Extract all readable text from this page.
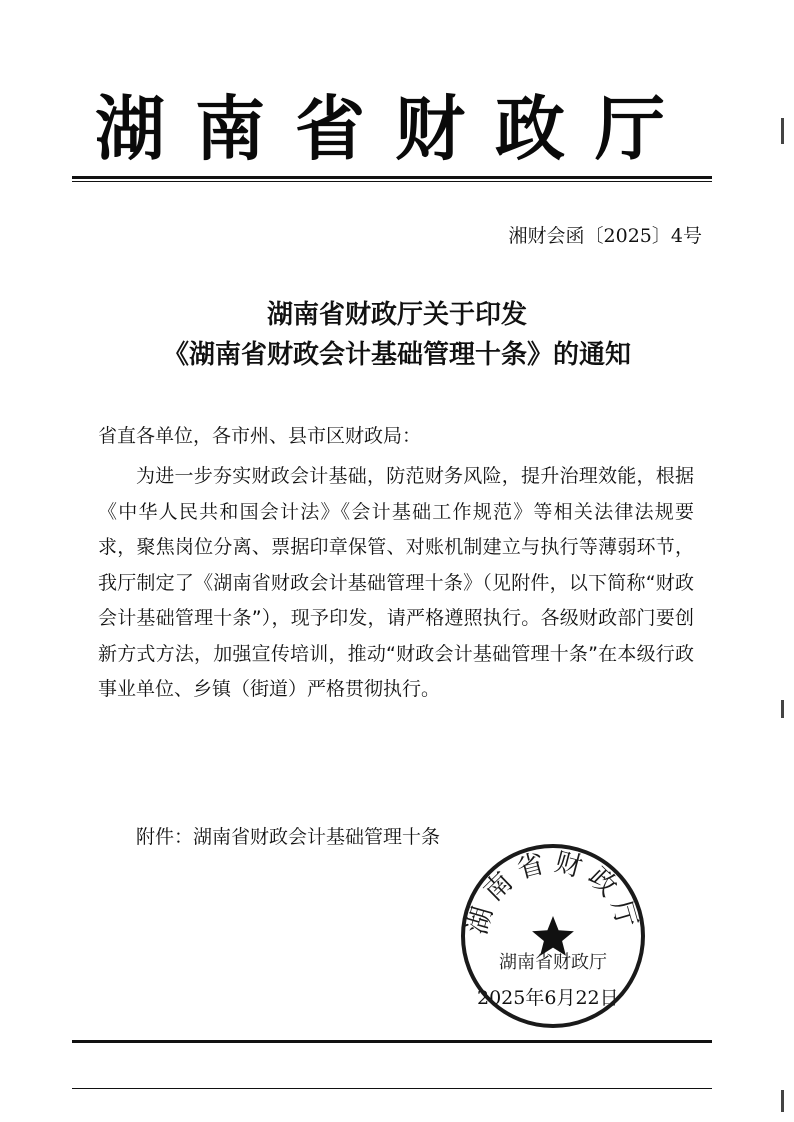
湖南省财政厅
湘财会函〔2025〕4号
湖南省财政厅关于印发
《湖南省财政会计基础管理十条》的通知
省直各单位，各市州、县市区财政局：
为进一步夯实财政会计基础，防范财务风险，提升治理效能，根据《中华人民共和国会计法》《会计基础工作规范》等相关法律法规要求，聚焦岗位分离、票据印章保管、对账机制建立与执行等薄弱环节，我厅制定了《湖南省财政会计基础管理十条》（见附件，以下简称“财政会计基础管理十条”），现予印发，请严格遵照执行。各级财政部门要创新方式方法，加强宣传培训，推动“财政会计基础管理十条”在本级行政事业单位、乡镇（街道）严格贯彻执行。
附件：湖南省财政会计基础管理十条
2025年6月22日
湖南省财政厅
湖南省财政厅
